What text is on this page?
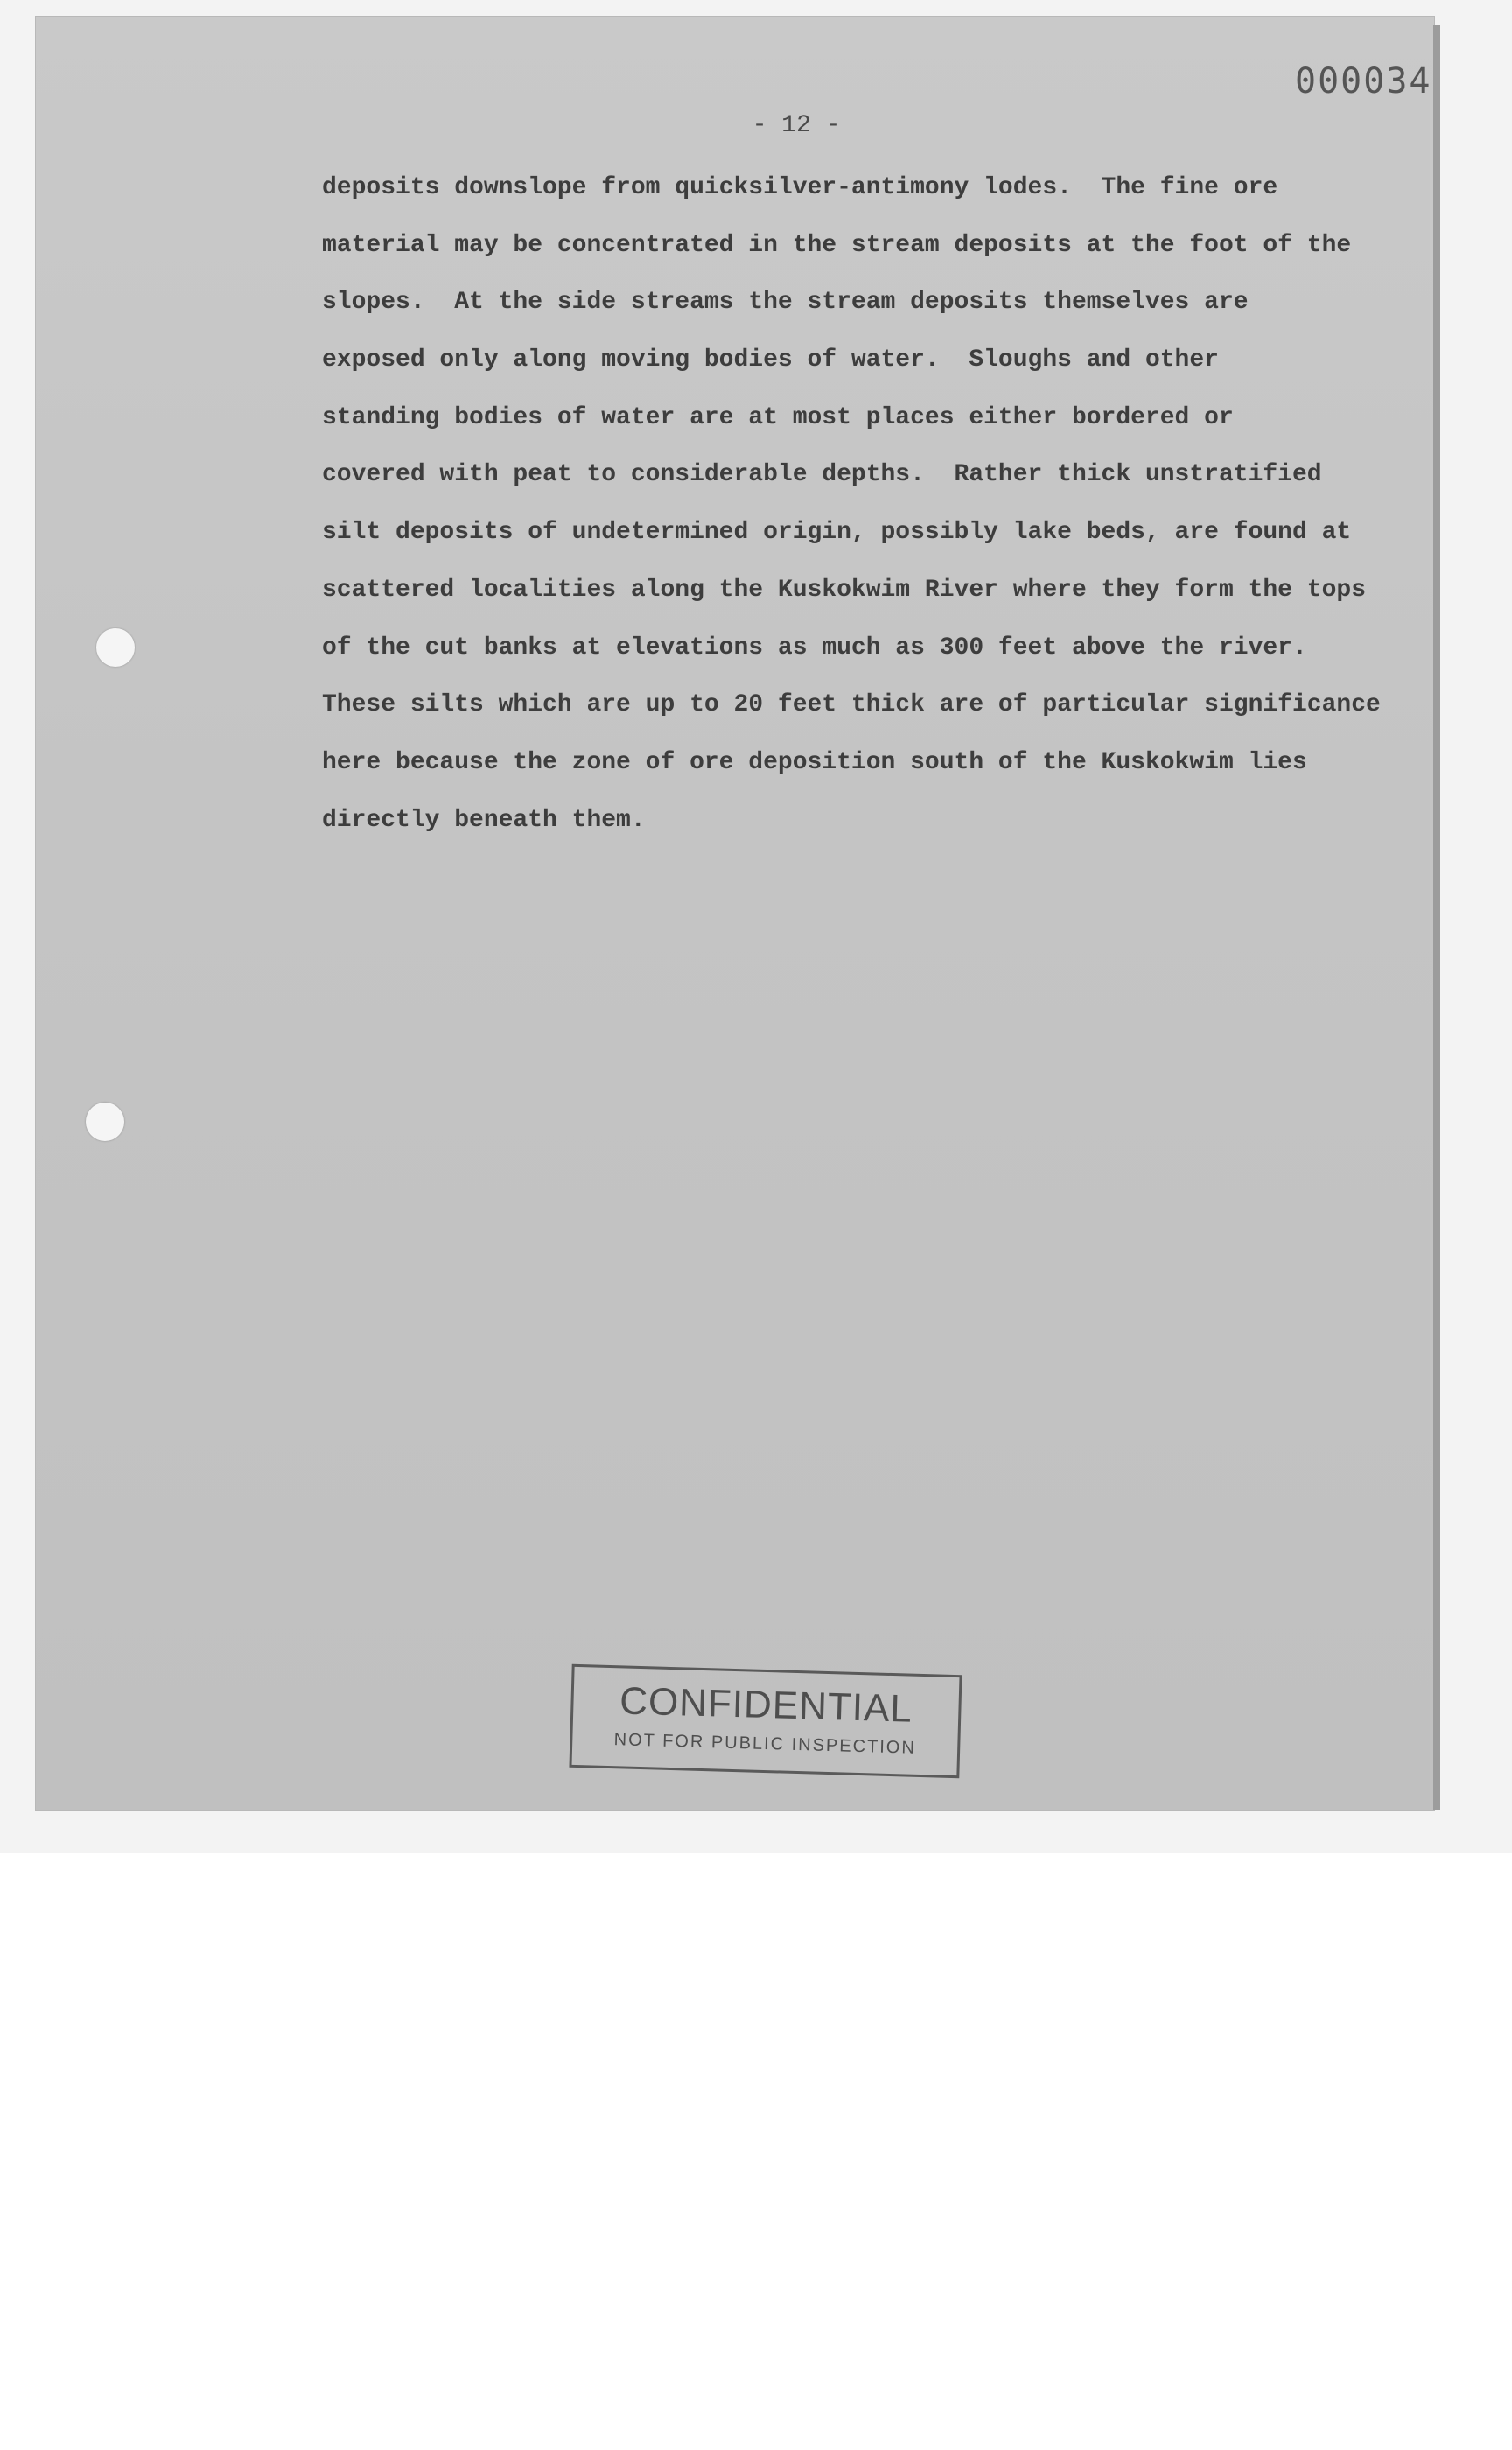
000034
- 12 -
deposits downslope from quicksilver-antimony lodes.  The fine ore
material may be concentrated in the stream deposits at the foot of the
slopes.  At the side streams the stream deposits themselves are
exposed only along moving bodies of water.  Sloughs and other
standing bodies of water are at most places either bordered or
covered with peat to considerable depths.  Rather thick unstratified
silt deposits of undetermined origin, possibly lake beds, are found at
scattered localities along the Kuskokwim River where they form the tops
of the cut banks at elevations as much as 300 feet above the river.
These silts which are up to 20 feet thick are of particular significance
here because the zone of ore deposition south of the Kuskokwim lies
directly beneath them.
CONFIDENTIAL
NOT FOR PUBLIC INSPECTION
